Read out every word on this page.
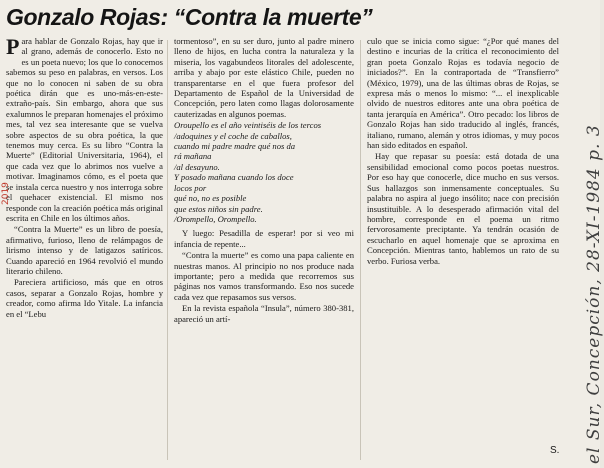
Gonzalo Rojas: “Contra la muerte”

Para hablar de Gonzalo Rojas, hay que ir al grano, además de conocerlo. Esto no es un poeta nuevo; los que lo conocemos sabemos su peso en palabras, en versos. Los que no lo conocen ni saben de su obra poética dirán que es uno-más-en-este-extraño-país. Sin embargo, ahora que sus exalumnos le preparan homenajes el próximo mes, tal vez sea interesante que se vuelva sobre aspectos de su obra poética, la que tenemos muy cerca. Es su libro “Contra la Muerte” (Editorial Universitaria, 1964), el que cada vez que lo abrimos nos vuelve a motivar. Imaginamos cómo, es el poeta que se instala cerca nuestro y nos interroga sobre el quehacer existencial. El mismo nos responde con la creación poética más original escrita en Chile en los últimos años.

“Contra la Muerte” es un libro de poesía, afirmativo, furioso, lleno de relámpagos de lirismo intenso y de latigazos satíricos. Cuando apareció en 1964 revolvió el mundo literario chileno.

Pareciera artificioso, más que en otros casos, separar a Gonzalo Rojas, hombre y creador, como afirma Ido Yitale. La infancia en el “Lebu

tormentoso”, en su ser duro, junto al padre minero lleno de hijos, en lucha contra la naturaleza y la miseria, los vagabundeos litorales del adolescente, arriba y abajo por este elástico Chile, pueden no transparentarse en el que fuera profesor del Departamento de Español de la Universidad de Concepción, pero laten como llagas dolorosamente cauterizadas en algunos poemas.

Oroupello es el año veintiséis de los tercos

/adoquines y el coche de caballos,

cuando mi padre madre qué nos da

rá mañana

/al desayuno.

Y posado mañana cuando los doce

locos por

qué no, no es posible

que estos niños sin padre.

/Orompello, Orompello.

Y luego: Pesadilla de esperar! por si veo mi infancia de repente...

“Contra la muerte” es como una papa caliente en nuestras manos. Al principio no nos produce nada importante; pero a medida que recorremos sus páginas nos vamos transformando. Eso nos sucede cada vez que repasamos sus versos.

En la revista española “Insula”, número 380-381, apareció un artí-

culo que se inicia como sigue: “¿Por qué manes del destino e incurias de la crítica el reconocimiento del gran poeta Gonzalo Rojas es todavía negocio de iniciados?”. En la contraportada de “Transfierro” (México, 1979), una de las últimas obras de Rojas, se expresa más o menos lo mismo: “... el inexplicable olvido de nuestros editores ante una obra poética de tanta jerarquía en América”. Otro pecado: los libros de Gonzalo Rojas han sido traducido al inglés, francés, italiano, rumano, alemán y otros idiomas, y muy pocos han sido editados en español.

Hay que repasar su poesía: está dotada de una sensibilidad emocional como pocos poetas nuestros. Por eso hay que conocerle, dice mucho en sus versos. Sus hallazgos son inmensamente conceptuales. Su palabra no aspira al juego insólito; nace con precisión insustituible. A lo desesperado afirmación vital del hombre, corresponde en el poema un ritmo fervorosamente preciptante. Ya tendrán ocasión de escucharlo en aquel homenaje que se aproxima en Concepción. Mientras tanto, hablemos un rato de su verbo. Furiosa verba.

S.
2019	el Sur, Concepción, 28-XI-1984 p. 3
